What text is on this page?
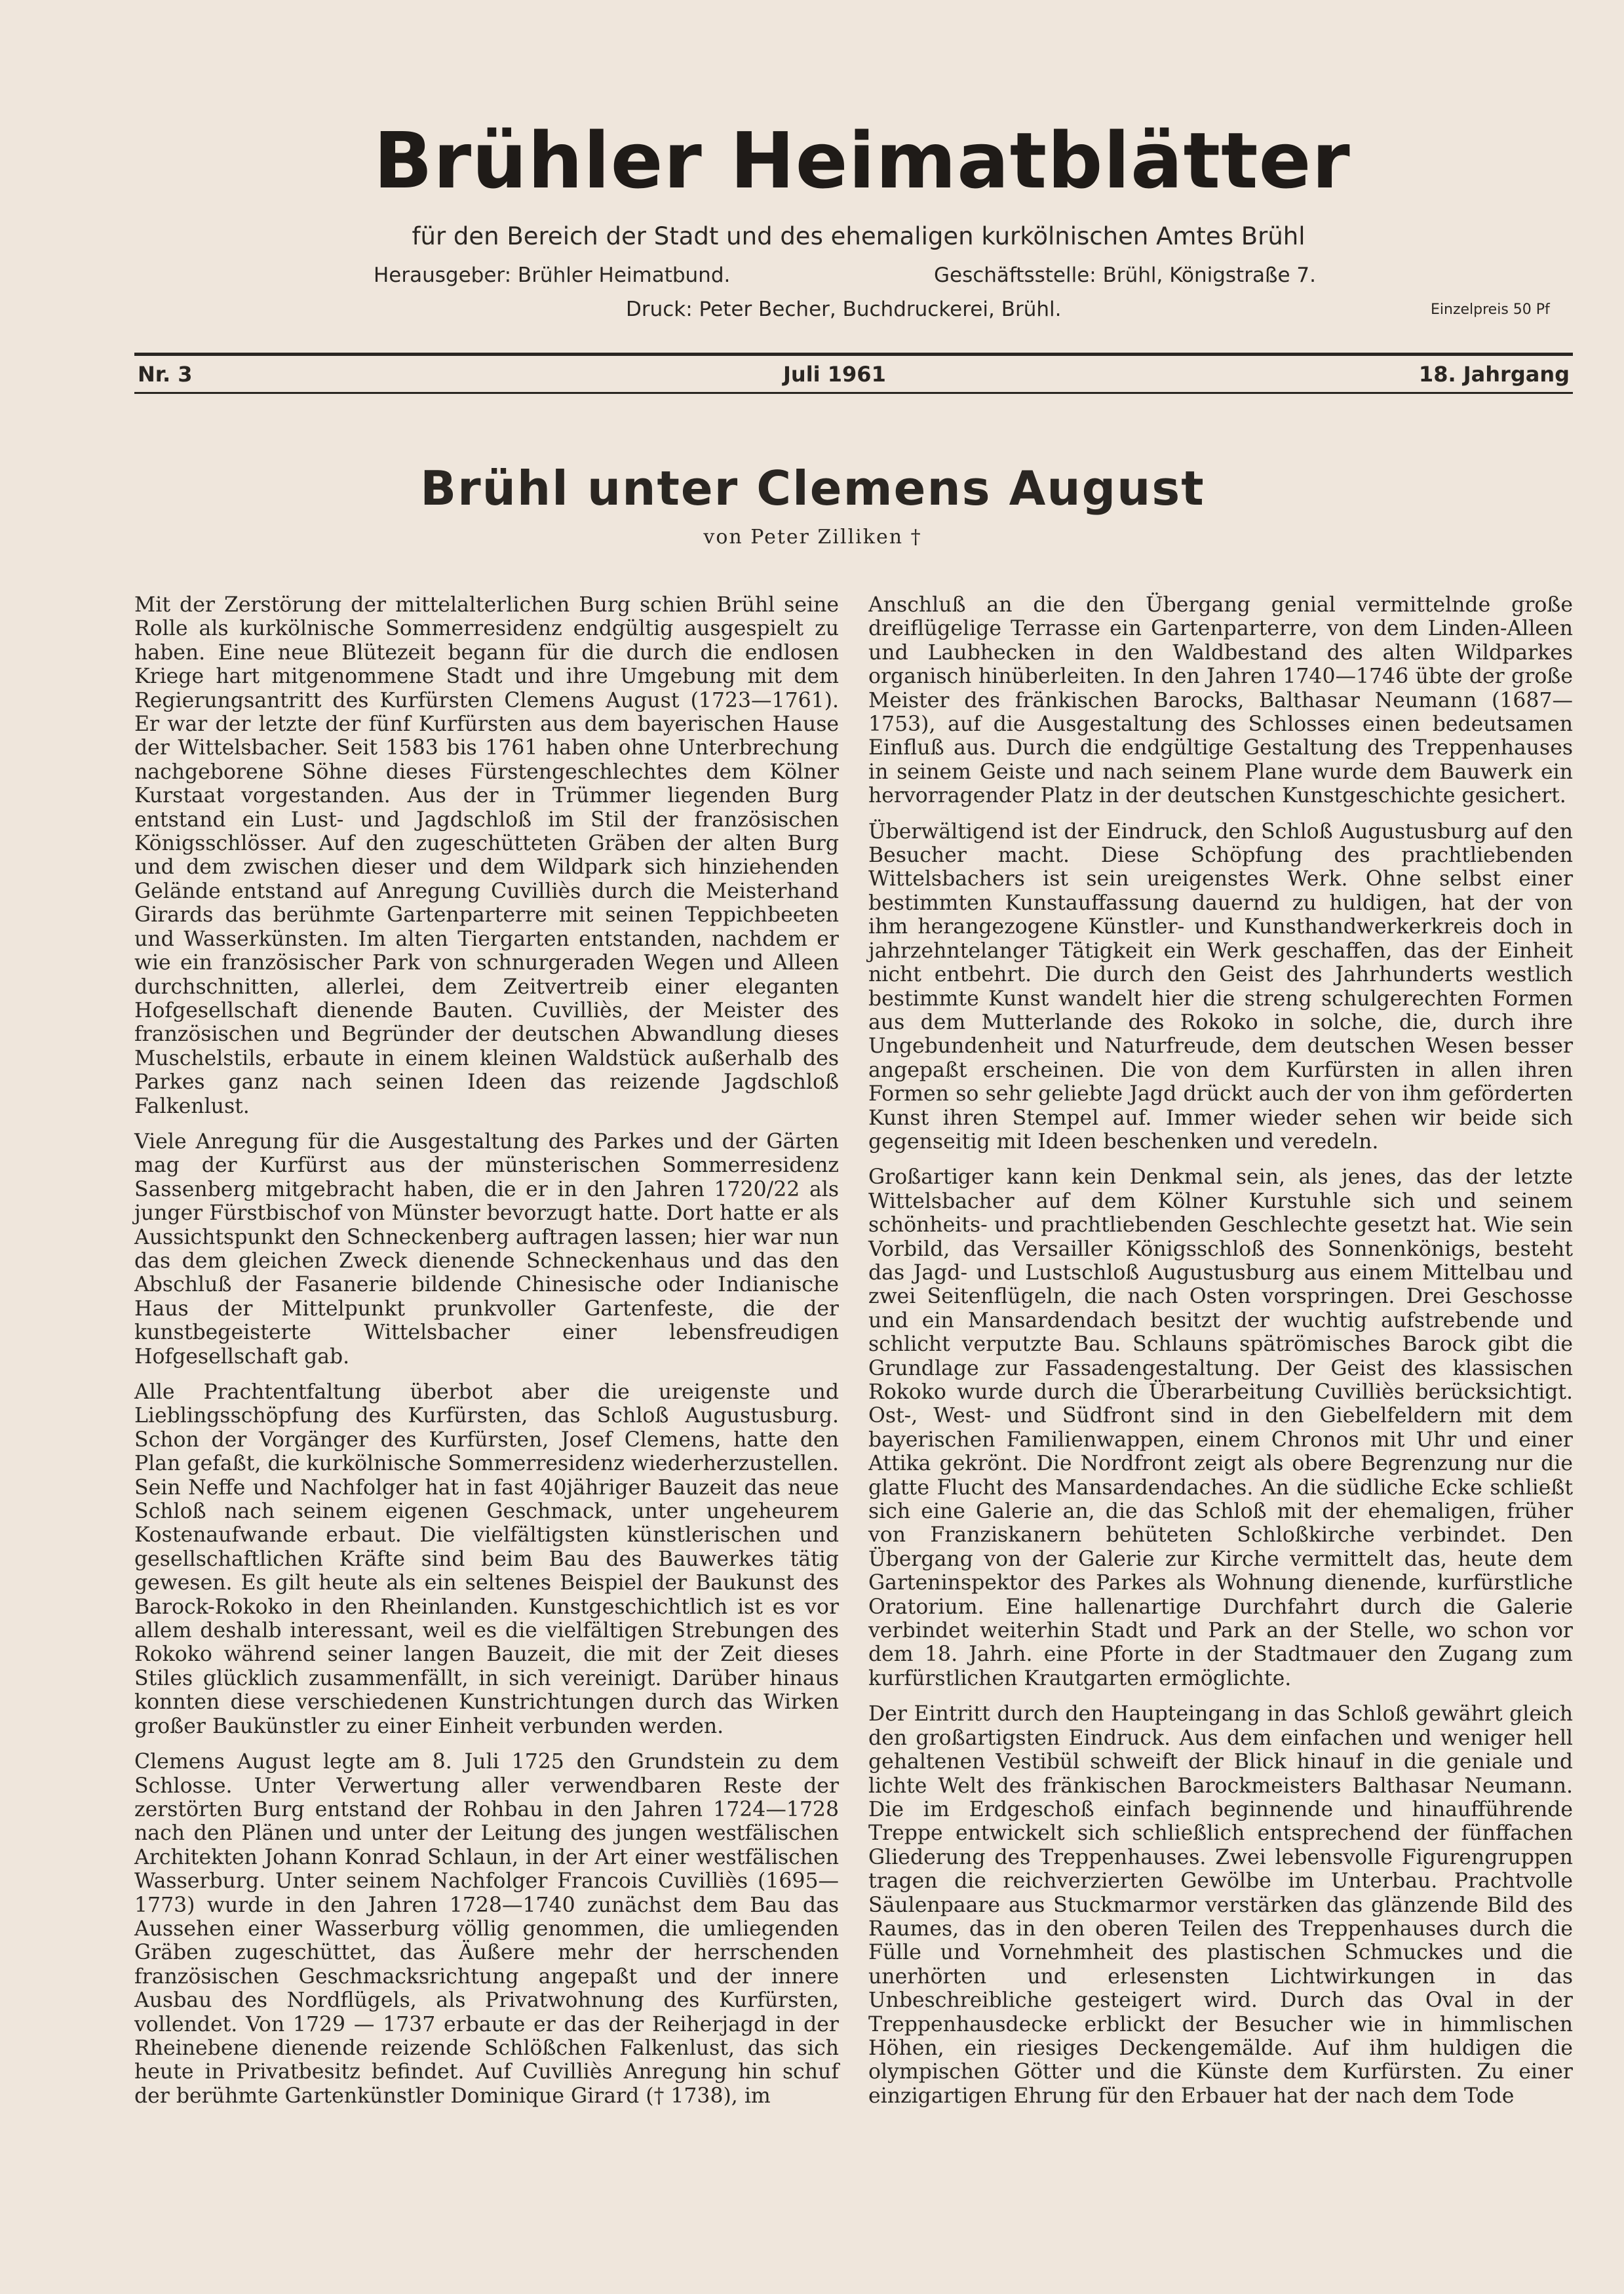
Brühler Heimatblätter
für den Bereich der Stadt und des ehemaligen kurkölnischen Amtes Brühl
Herausgeber: Brühler Heimatbund.	Geschäftsstelle: Brühl, Königstraße 7.
Druck: Peter Becher, Buchdruckerei, Brühl.	Einzelpreis 50 Pf
Nr. 3	Juli 1961	18. Jahrgang
Brühl unter Clemens August
von Peter Zilliken †

Mit der Zerstörung der mittelalterlichen Burg schien Brühl seine Rolle als kurkölnische Sommerresidenz endgültig ausgespielt zu haben. Eine neue Blütezeit begann für die durch die endlosen Kriege hart mitgenommene Stadt und ihre Umgebung mit dem Regierungsantritt des Kurfürsten Clemens August (1723—1761). Er war der letzte der fünf Kurfürsten aus dem bayerischen Hause der Wittelsbacher. Seit 1583 bis 1761 haben ohne Unterbrechung nachgeborene Söhne dieses Fürstengeschlechtes dem Kölner Kurstaat vorgestanden. Aus der in Trümmer liegenden Burg entstand ein Lust- und Jagdschloß im Stil der französischen Königsschlösser. Auf den zugeschütteten Gräben der alten Burg und dem zwischen dieser und dem Wildpark sich hinziehenden Gelände entstand auf Anregung Cuvilliès durch die Meisterhand Girards das berühmte Gartenparterre mit seinen Teppichbeeten und Wasserkünsten. Im alten Tiergarten entstanden, nachdem er wie ein französischer Park von schnurgeraden Wegen und Alleen durchschnitten, allerlei, dem Zeitvertreib einer eleganten Hofgesellschaft dienende Bauten. Cuvilliès, der Meister des französischen und Begründer der deutschen Abwandlung dieses Muschelstils, erbaute in einem kleinen Waldstück außerhalb des Parkes ganz nach seinen Ideen das reizende Jagdschloß Falkenlust.

Viele Anregung für die Ausgestaltung des Parkes und der Gärten mag der Kurfürst aus der münsterischen Sommerresidenz Sassenberg mitgebracht haben, die er in den Jahren 1720/22 als junger Fürstbischof von Münster bevorzugt hatte. Dort hatte er als Aussichtspunkt den Schneckenberg auftragen lassen; hier war nun das dem gleichen Zweck dienende Schneckenhaus und das den Abschluß der Fasanerie bildende Chinesische oder Indianische Haus der Mittelpunkt prunkvoller Gartenfeste, die der kunstbegeisterte Wittelsbacher einer lebensfreudigen Hofgesellschaft gab.

Alle Prachtentfaltung überbot aber die ureigenste und Lieblingsschöpfung des Kurfürsten, das Schloß Augustusburg. Schon der Vorgänger des Kurfürsten, Josef Clemens, hatte den Plan gefaßt, die kurkölnische Sommerresidenz wiederherzustellen. Sein Neffe und Nachfolger hat in fast 40jähriger Bauzeit das neue Schloß nach seinem eigenen Geschmack, unter ungeheurem Kostenaufwande erbaut. Die vielfältigsten künstlerischen und gesellschaftlichen Kräfte sind beim Bau des Bauwerkes tätig gewesen. Es gilt heute als ein seltenes Beispiel der Baukunst des Barock-Rokoko in den Rheinlanden. Kunstgeschichtlich ist es vor allem deshalb interessant, weil es die vielfältigen Strebungen des Rokoko während seiner langen Bauzeit, die mit der Zeit dieses Stiles glücklich zusammenfällt, in sich vereinigt. Darüber hinaus konnten diese verschiedenen Kunstrichtungen durch das Wirken großer Baukünstler zu einer Einheit verbunden werden.

Clemens August legte am 8. Juli 1725 den Grundstein zu dem Schlosse. Unter Verwertung aller verwendbaren Reste der zerstörten Burg entstand der Rohbau in den Jahren 1724—1728 nach den Plänen und unter der Leitung des jungen westfälischen Architekten Johann Konrad Schlaun, in der Art einer westfälischen Wasserburg. Unter seinem Nachfolger Francois Cuvilliès (1695—1773) wurde in den Jahren 1728—1740 zunächst dem Bau das Aussehen einer Wasserburg völlig genommen, die umliegenden Gräben zugeschüttet, das Äußere mehr der herrschenden französischen Geschmacksrichtung angepaßt und der innere Ausbau des Nordflügels, als Privatwohnung des Kurfürsten, vollendet. Von 1729 — 1737 erbaute er das der Reiherjagd in der Rheinebene dienende reizende Schlößchen Falkenlust, das sich heute in Privatbesitz befindet. Auf Cuvilliès Anregung hin schuf der berühmte Gartenkünstler Dominique Girard († 1738), im

Anschluß an die den Übergang genial vermittelnde große dreiflügelige Terrasse ein Gartenparterre, von dem Linden-Alleen und Laubhecken in den Waldbestand des alten Wildparkes organisch hinüberleiten. In den Jahren 1740—1746 übte der große Meister des fränkischen Barocks, Balthasar Neumann (1687—1753), auf die Ausgestaltung des Schlosses einen bedeutsamen Einfluß aus. Durch die endgültige Gestaltung des Treppenhauses in seinem Geiste und nach seinem Plane wurde dem Bauwerk ein hervorragender Platz in der deutschen Kunstgeschichte gesichert.

Überwältigend ist der Eindruck, den Schloß Augustusburg auf den Besucher macht. Diese Schöpfung des prachtliebenden Wittelsbachers ist sein ureigenstes Werk. Ohne selbst einer bestimmten Kunstauffassung dauernd zu huldigen, hat der von ihm herangezogene Künstler- und Kunsthandwerkerkreis doch in jahrzehntelanger Tätigkeit ein Werk geschaffen, das der Einheit nicht entbehrt. Die durch den Geist des Jahrhunderts westlich bestimmte Kunst wandelt hier die streng schulgerechten Formen aus dem Mutterlande des Rokoko in solche, die, durch ihre Ungebundenheit und Naturfreude, dem deutschen Wesen besser angepaßt erscheinen. Die von dem Kurfürsten in allen ihren Formen so sehr geliebte Jagd drückt auch der von ihm geförderten Kunst ihren Stempel auf. Immer wieder sehen wir beide sich gegenseitig mit Ideen beschenken und veredeln.

Großartiger kann kein Denkmal sein, als jenes, das der letzte Wittelsbacher auf dem Kölner Kurstuhle sich und seinem schönheits- und prachtliebenden Geschlechte gesetzt hat. Wie sein Vorbild, das Versailler Königsschloß des Sonnenkönigs, besteht das Jagd- und Lustschloß Augustusburg aus einem Mittelbau und zwei Seitenflügeln, die nach Osten vorspringen. Drei Geschosse und ein Mansardendach besitzt der wuchtig aufstrebende und schlicht verputzte Bau. Schlauns spätrömisches Barock gibt die Grundlage zur Fassadengestaltung. Der Geist des klassischen Rokoko wurde durch die Überarbeitung Cuvilliès berücksichtigt. Ost-, West- und Südfront sind in den Giebelfeldern mit dem bayerischen Familienwappen, einem Chronos mit Uhr und einer Attika gekrönt. Die Nordfront zeigt als obere Begrenzung nur die glatte Flucht des Mansardendaches. An die südliche Ecke schließt sich eine Galerie an, die das Schloß mit der ehemaligen, früher von Franziskanern behüteten Schloßkirche verbindet. Den Übergang von der Galerie zur Kirche vermittelt das, heute dem Garteninspektor des Parkes als Wohnung dienende, kurfürstliche Oratorium. Eine hallenartige Durchfahrt durch die Galerie verbindet weiterhin Stadt und Park an der Stelle, wo schon vor dem 18. Jahrh. eine Pforte in der Stadtmauer den Zugang zum kurfürstlichen Krautgarten ermöglichte.

Der Eintritt durch den Haupteingang in das Schloß gewährt gleich den großartigsten Eindruck. Aus dem einfachen und weniger hell gehaltenen Vestibül schweift der Blick hinauf in die geniale und lichte Welt des fränkischen Barockmeisters Balthasar Neumann. Die im Erdgeschoß einfach beginnende und hinaufführende Treppe entwickelt sich schließlich entsprechend der fünffachen Gliederung des Treppenhauses. Zwei lebensvolle Figurengruppen tragen die reichverzierten Gewölbe im Unterbau. Prachtvolle Säulenpaare aus Stuckmarmor verstärken das glänzende Bild des Raumes, das in den oberen Teilen des Treppenhauses durch die Fülle und Vornehmheit des plastischen Schmuckes und die unerhörten und erlesensten Lichtwirkungen in das Unbeschreibliche gesteigert wird. Durch das Oval in der Treppenhausdecke erblickt der Besucher wie in himmlischen Höhen, ein riesiges Deckengemälde. Auf ihm huldigen die olympischen Götter und die Künste dem Kurfürsten. Zu einer einzigartigen Ehrung für den Erbauer hat der nach dem Tode
